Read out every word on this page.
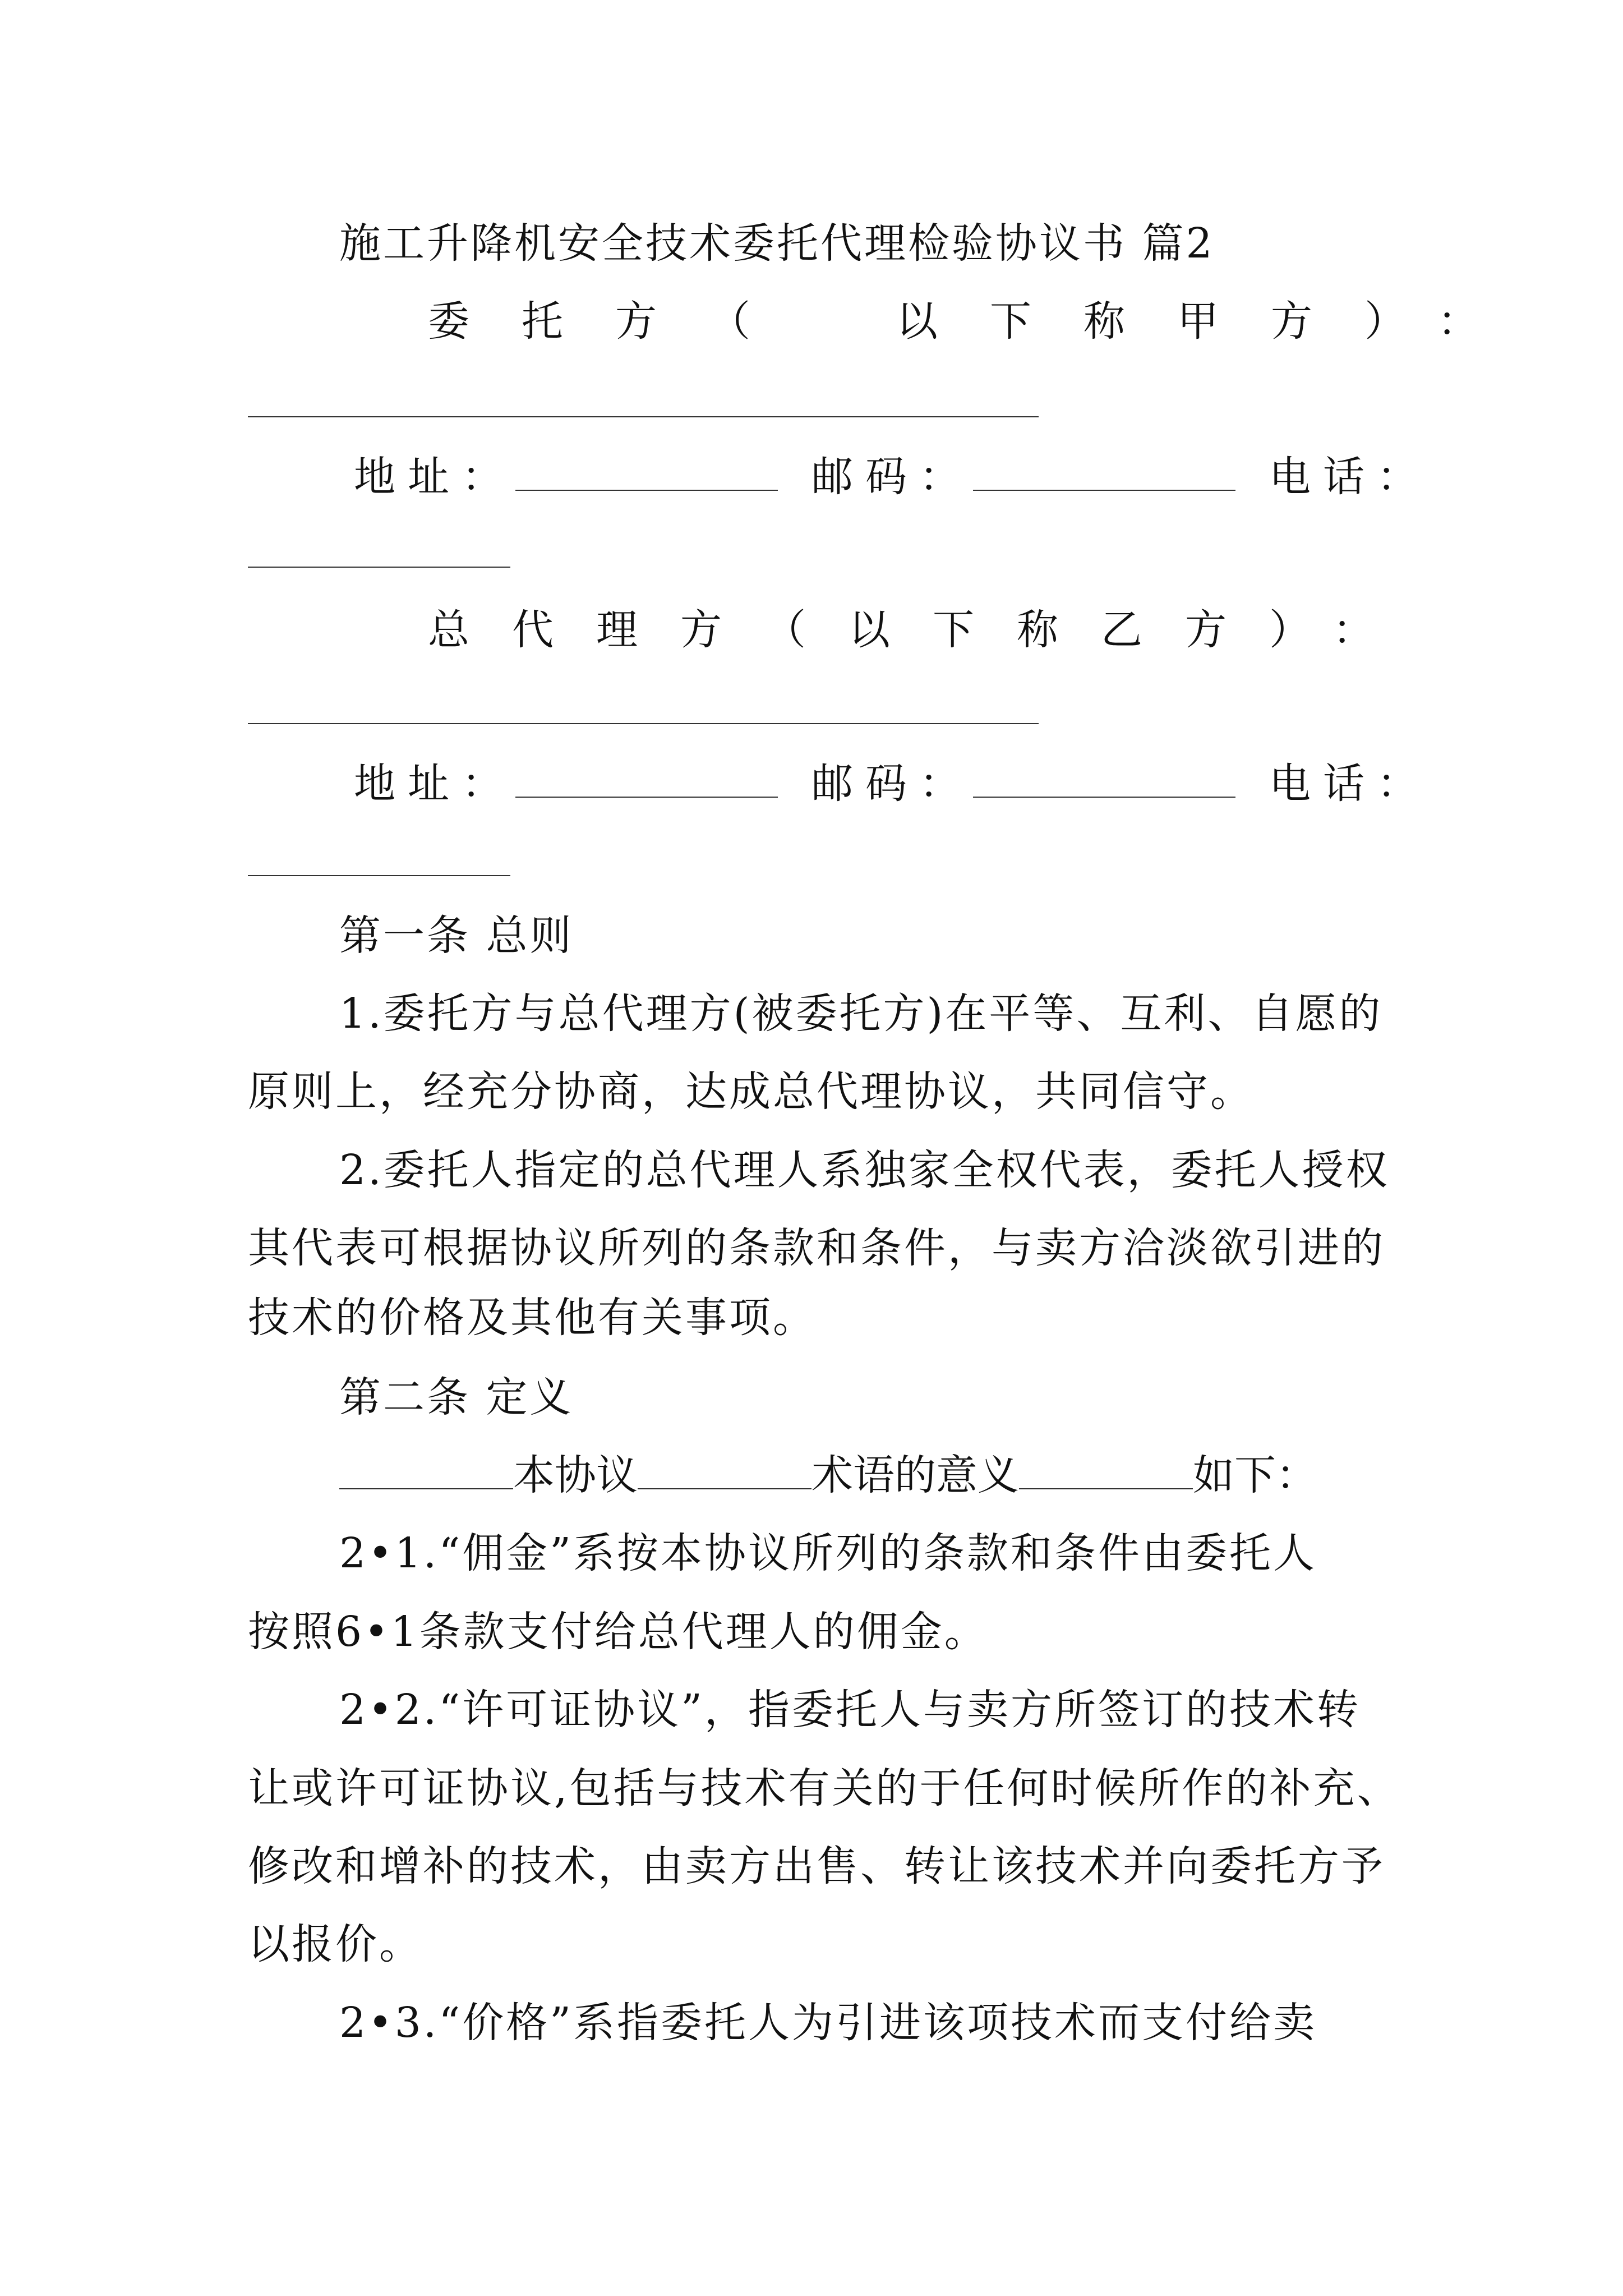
施工升降机安全技术委托代理检验协议书 篇2
委托方（　以下称甲方）：
地址：	邮码：	电话：
总代理方（以下称乙方）：
地址：	邮码：	电话：
第一条 总则
1.委托方与总代理方(被委托方)在平等、互利、自愿的
原则上，经充分协商，达成总代理协议，共同信守。
2.委托人指定的总代理人系独家全权代表，委托人授权
其代表可根据协议所列的条款和条件，与卖方洽淡欲引进的
技术的价格及其他有关事项。
第二条 定义
本协议	术语的意义	如下：
2•1.“佣金”系按本协议所列的条款和条件由委托人
按照6•1条款支付给总代理人的佣金。
2•2.“许可证协议”，指委托人与卖方所签订的技术转
让或许可证协议,包括与技术有关的于任何时候所作的补充、
修改和增补的技术，由卖方出售、转让该技术并向委托方予
以报价。
2•3.“价格”系指委托人为引进该项技术而支付给卖
